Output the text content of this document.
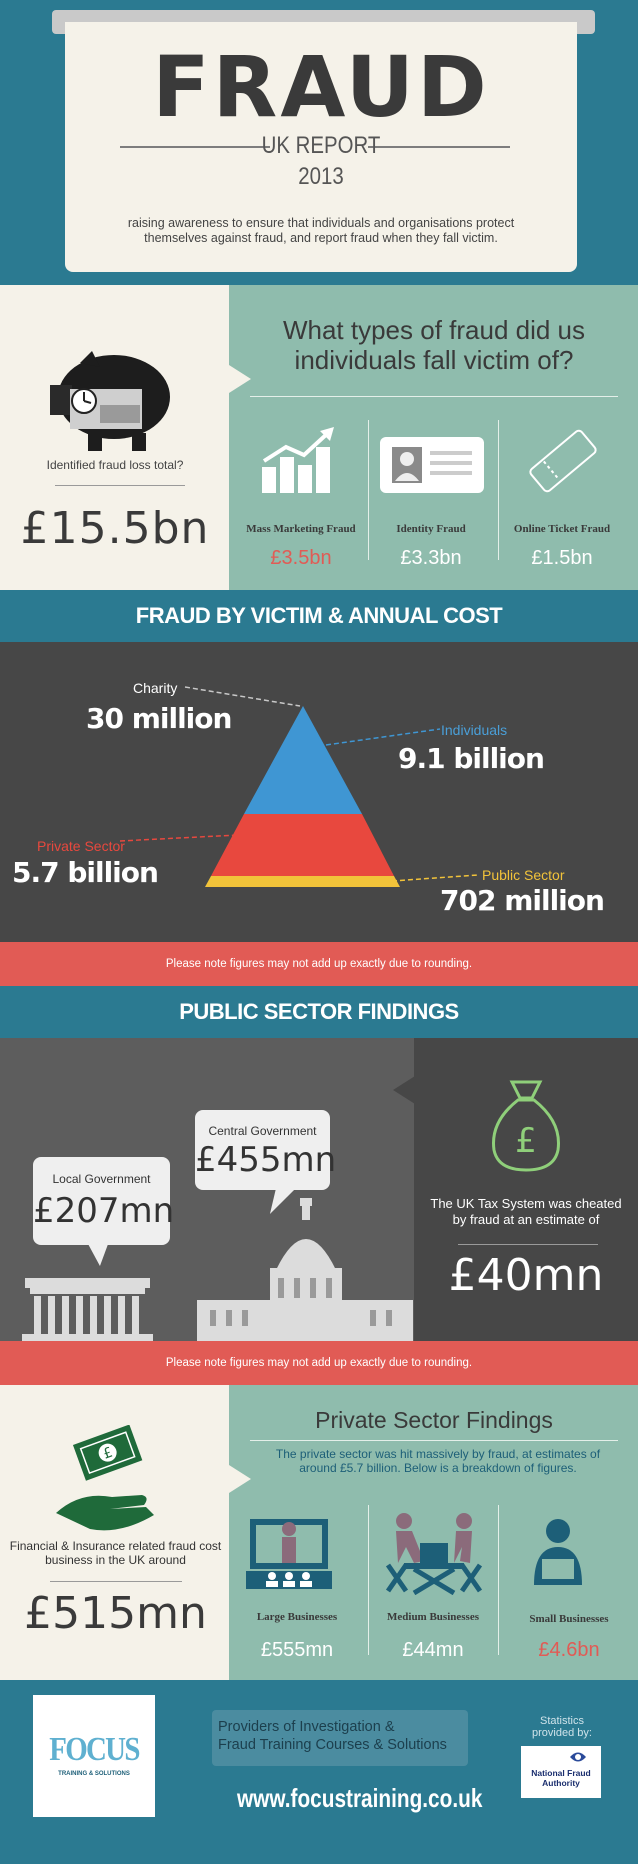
FRAUD
UK REPORT
2013
raising awareness to ensure that individuals and organisations protect themselves against fraud, and report fraud when they fall victim.
Identified fraud loss total?
£15.5bn
What types of fraud did us individuals fall victim of?
Mass Marketing Fraud	Identity Fraud	Online Ticket Fraud
£3.5bn	£3.3bn	£1.5bn
FRAUD BY VICTIM & ANNUAL COST
Charity
30 million	Individuals
9.1 billion
Private Sector
5.7 billion	Public Sector
702 million
Please note figures may not add up exactly due to rounding.
PUBLIC SECTOR FINDINGS
Local Government
£207mn
Central Government
£455mn	£
The UK Tax System was cheated by fraud at an estimate of
£40mn
Please note figures may not add up exactly due to rounding.
£
Financial & Insurance related fraud cost business in the UK around
£515mn
Private Sector Findings
The private sector was hit massively by fraud, at estimates of around £5.7 billion. Below is a breakdown of figures.
Large Businesses	Medium Businesses	Small Businesses
£555mn	£44mn	£4.6bn
FOCUS
TRAINING & SOLUTIONS
Providers of Investigation &
Fraud Training Courses & Solutions
www.focustraining.co.uk
Statistics provided by:
National Fraud
Authority
